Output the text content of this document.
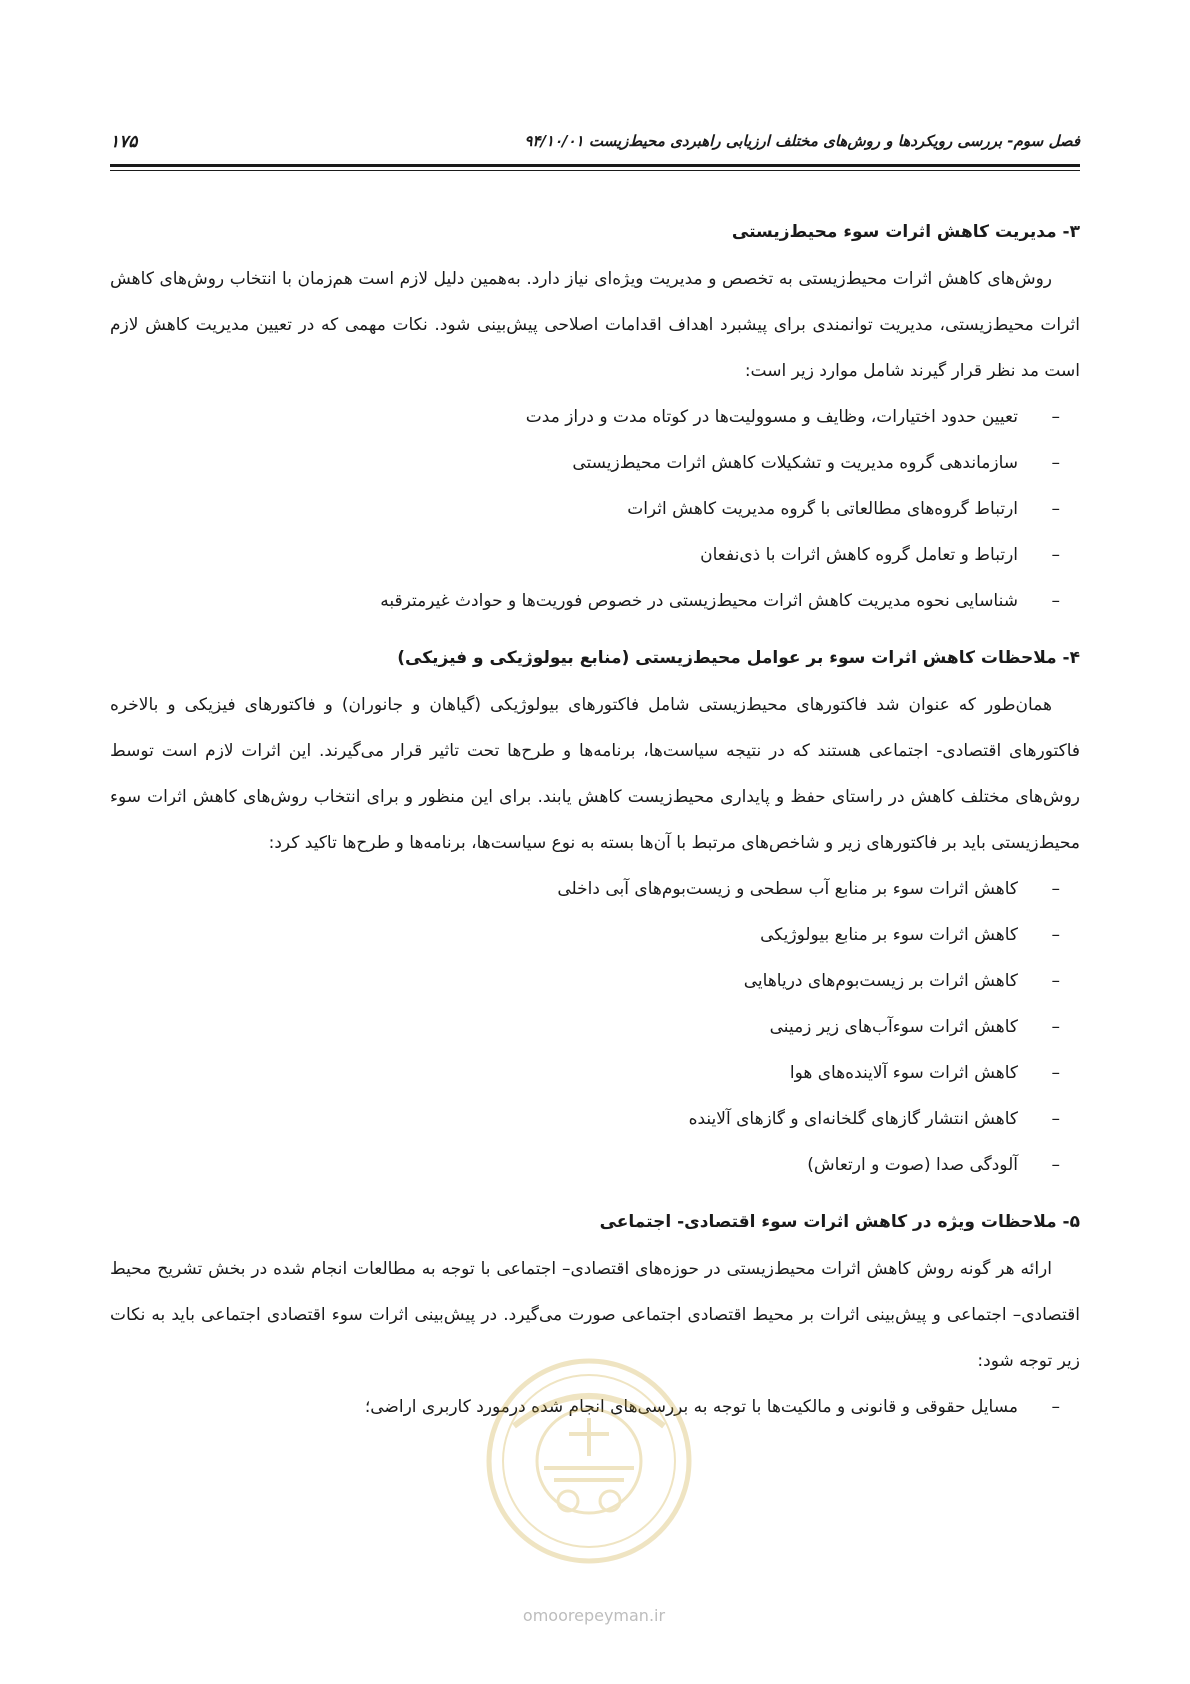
فصل سوم- بررسی رویکردها و روش‌های مختلف ارزیابی راهبردی محیط‌زیست ۹۴/۱۰/۰۱
۱۷۵
۳- مدیریت کاهش اثرات سوء محیط‌زیستی

روش‌های کاهش اثرات محیط‌زیستی به تخصص و مدیریت ویژه‌ای نیاز دارد. به‌همین دلیل لازم است هم‌زمان با انتخاب روش‌های کاهش اثرات محیط‌زیستی، مدیریت توانمندی برای پیشبرد اهداف اقدامات اصلاحی پیش‌بینی شود. نکات مهمی که در تعیین مدیریت کاهش لازم است مد نظر قرار گیرند شامل موارد زیر است:

–
تعیین حدود اختیارات، وظایف و مسوولیت‌ها در کوتاه مدت و دراز مدت
–
سازماندهی گروه مدیریت و تشکیلات کاهش اثرات محیط‌زیستی
–
ارتباط گروه‌های مطالعاتی با گروه مدیریت کاهش اثرات
–
ارتباط و تعامل گروه کاهش اثرات با ذی‌نفعان
–
شناسایی نحوه مدیریت کاهش اثرات محیط‌زیستی در خصوص فوریت‌ها و حوادث غیرمترقبه
۴- ملاحظات کاهش اثرات سوء بر عوامل محیط‌زیستی (منابع بیولوژیکی و فیزیکی)

همان‌طور که عنوان شد فاکتورهای محیط‌زیستی شامل فاکتورهای بیولوژیکی (گیاهان و جانوران) و فاکتورهای فیزیکی و بالاخره فاکتورهای اقتصادی- اجتماعی هستند که در نتیجه سیاست‌ها، برنامه‌ها و طرح‌ها تحت تاثیر قرار می‌گیرند. این اثرات لازم است توسط روش‌های مختلف کاهش در راستای حفظ و پایداری محیط‌زیست کاهش یابند. برای این منظور و برای انتخاب روش‌های کاهش اثرات سوء محیط‌زیستی باید بر فاکتورهای زیر و شاخص‌های مرتبط با آن‌ها بسته به نوع سیاست‌ها، برنامه‌ها و طرح‌ها تاکید کرد:

–
کاهش اثرات سوء بر منابع آب سطحی و زیست‌بوم‌های آبی داخلی
–
کاهش اثرات سوء بر منابع بیولوژیکی
–
کاهش اثرات بر زیست‌بوم‌های دریاهایی
–
کاهش اثرات سوءآب‌های زیر زمینی
–
کاهش اثرات سوء آلاینده‌های هوا
–
کاهش انتشار گازهای گلخانه‌ای و گازهای آلاینده
–
آلودگی صدا (صوت و ارتعاش)
۵- ملاحظات ویژه در کاهش اثرات سوء اقتصادی- اجتماعی

ارائه هر گونه روش کاهش اثرات محیط‌زیستی در حوزه‌های اقتصادی– اجتماعی با توجه به مطالعات انجام شده در بخش تشریح محیط اقتصادی– اجتماعی و پیش‌بینی اثرات بر محیط اقتصادی اجتماعی صورت می‌گیرد. در پیش‌بینی اثرات سوء اقتصادی اجتماعی باید به نکات زیر توجه شود:

–
مسایل حقوقی و قانونی و مالکیت‌ها با توجه به بررسی‌های انجام شده درمورد کاربری اراضی؛
omoorepeyman.ir
